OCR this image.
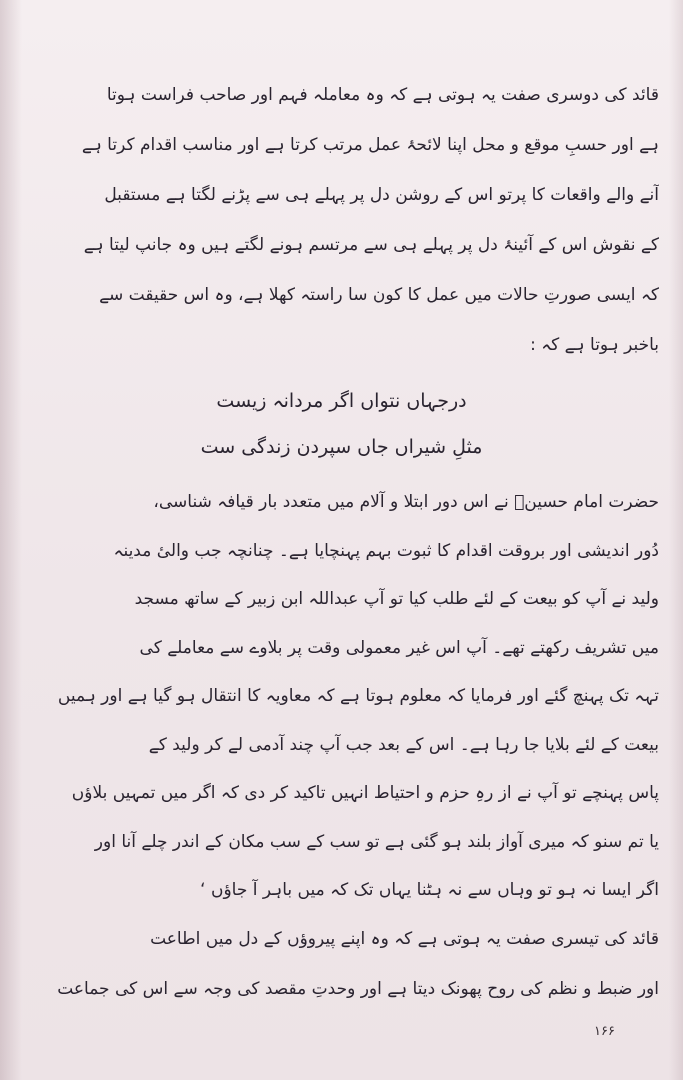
قائد کی دوسری صفت یہ ہوتی ہے کہ وہ معاملہ فہم اور صاحب فراست ہوتا
ہے اور حسبِ موقع و محل اپنا لائحۂ عمل مرتب کرتا ہے اور مناسب اقدام کرتا ہے
آنے والے واقعات کا پرتو اس کے روشن دل پر پہلے ہی سے پڑنے لگتا ہے مستقبل
کے نقوش اس کے آئینۂ دل پر پہلے ہی سے مرتسم ہونے لگتے ہیں وہ جانپ لیتا ہے
کہ ایسی صورتِ حالات میں عمل کا کون سا راستہ کھلا ہے، وہ اس حقیقت سے
باخبر ہوتا ہے کہ :
درجہاں نتواں اگر مردانہ زیست
مثلِ شیراں جاں سپردن زندگی ست
حضرت امام حسینؓ نے اس دور ابتلا و آلام میں متعدد بار قیافہ شناسی،
دُور اندیشی اور بروقت اقدام کا ثبوت بہم پہنچایا ہے۔ چنانچہ جب والیٔ مدینہ
ولید نے آپ کو بیعت کے لئے طلب کیا تو آپ عبداللہ ابن زبیر کے ساتھ مسجد
میں تشریف رکھتے تھے۔ آپ اس غیر معمولی وقت پر بلاوے سے معاملے کی
تہہ تک پہنچ گئے اور فرمایا کہ معلوم ہوتا ہے کہ معاویہ کا انتقال ہو گیا ہے اور ہمیں
بیعت کے لئے بلایا جا رہا ہے۔ اس کے بعد جب آپ چند آدمی لے کر ولید کے
پاس پہنچے تو آپ نے از رہِ حزم و احتیاط انہیں تاکید کر دی کہ اگر میں تمہیں بلاؤں
یا تم سنو کہ میری آواز بلند ہو گئی ہے تو سب کے سب مکان کے اندر چلے آنا اور
اگر ایسا نہ ہو تو وہاں سے نہ ہٹنا یہاں تک کہ میں باہر آ جاؤں ‘
قائد کی تیسری صفت یہ ہوتی ہے کہ وہ اپنے پیروؤں کے دل میں اطاعت
اور ضبط و نظم کی روح پھونک دیتا ہے اور وحدتِ مقصد کی وجہ سے اس کی جماعت
۱۶۶
